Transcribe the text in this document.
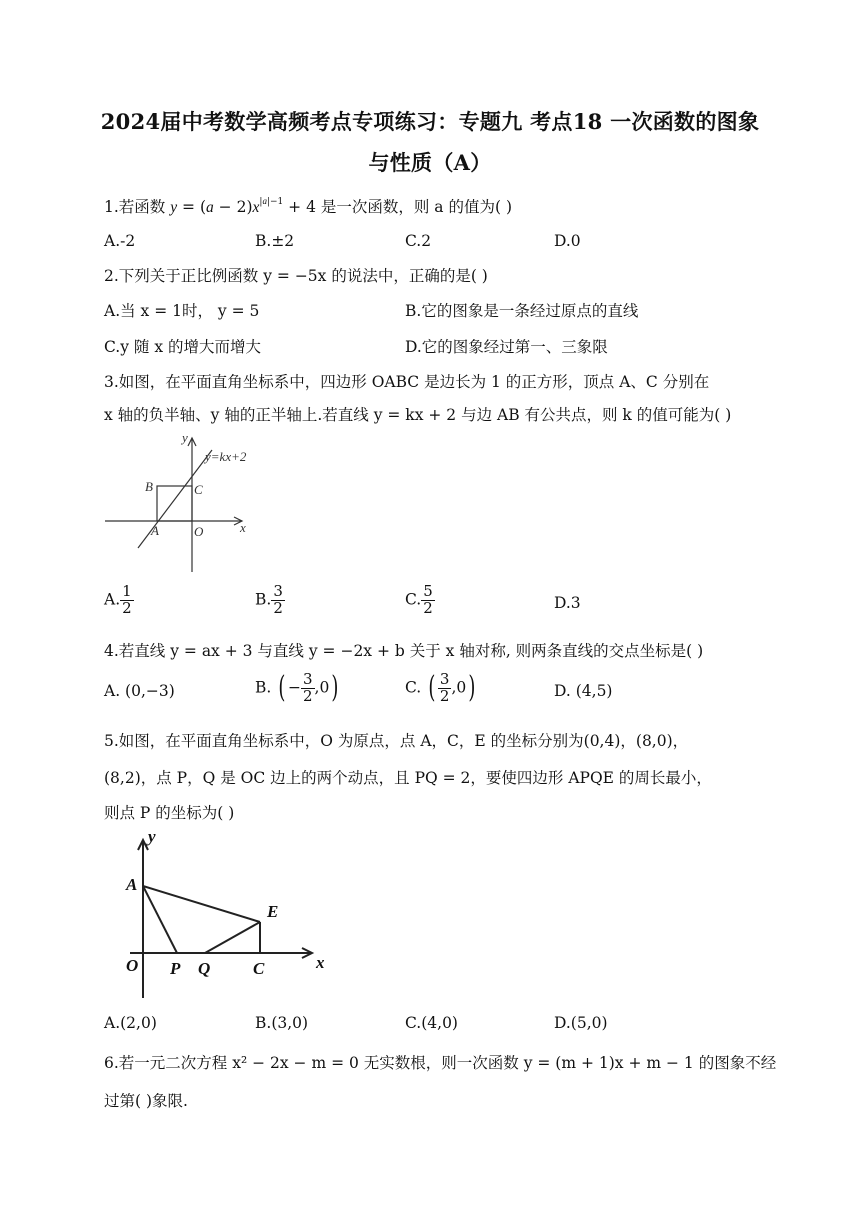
2024届中考数学高频考点专项练习：专题九 考点18 一次函数的图象
与性质（A）
1.若函数 $y = (a - 2)x^{|a|-1} + 4$ 是一次函数，则 a 的值为( )
A.-2	B.±2	C.2	D.0
2.下列关于正比例函数 y = −5x 的说法中，正确的是( )
A.当 x = 1时， y = 5	B.它的图象是一条经过原点的直线
C.y 随 x 的增大而增大	D.它的图象经过第一、三象限
3.如图，在平面直角坐标系中，四边形 OABC 是边长为 1 的正方形，顶点 A、C 分别在
x 轴的负半轴、y 轴的正半轴上.若直线 y = kx + 2 与边 AB 有公共点，则 k 的值可能为( )
y
x
B	C
A	O
y=kx+2
A. $\frac{1}{2}$	B. $\frac{3}{2}$	C. $\frac{5}{2}$	D.3
4.若直线 y = ax + 3 与直线 y = −2x + b 关于 x 轴对称, 则两条直线的交点坐标是( )
A. (0,−3)	B. ( − $\frac{3}{2} ,0$)	C. ( $\frac{3}{2} ,0$)	D. (4,5)
5.如图，在平面直角坐标系中，O 为原点，点 A，C，E 的坐标分别为(0,4)，(8,0)，
(8,2)，点 P，Q 是 OC 边上的两个动点，且 PQ = 2，要使四边形 APQE 的周长最小，
则点 P 的坐标为( )
y
A
E
O P Q	C	x
A.(2,0)	B.(3,0)	C.(4,0)	D.(5,0)
6.若一元二次方程 x² − 2x − m = 0 无实数根，则一次函数 y = (m + 1)x + m − 1 的图象不经
过第( )象限.
